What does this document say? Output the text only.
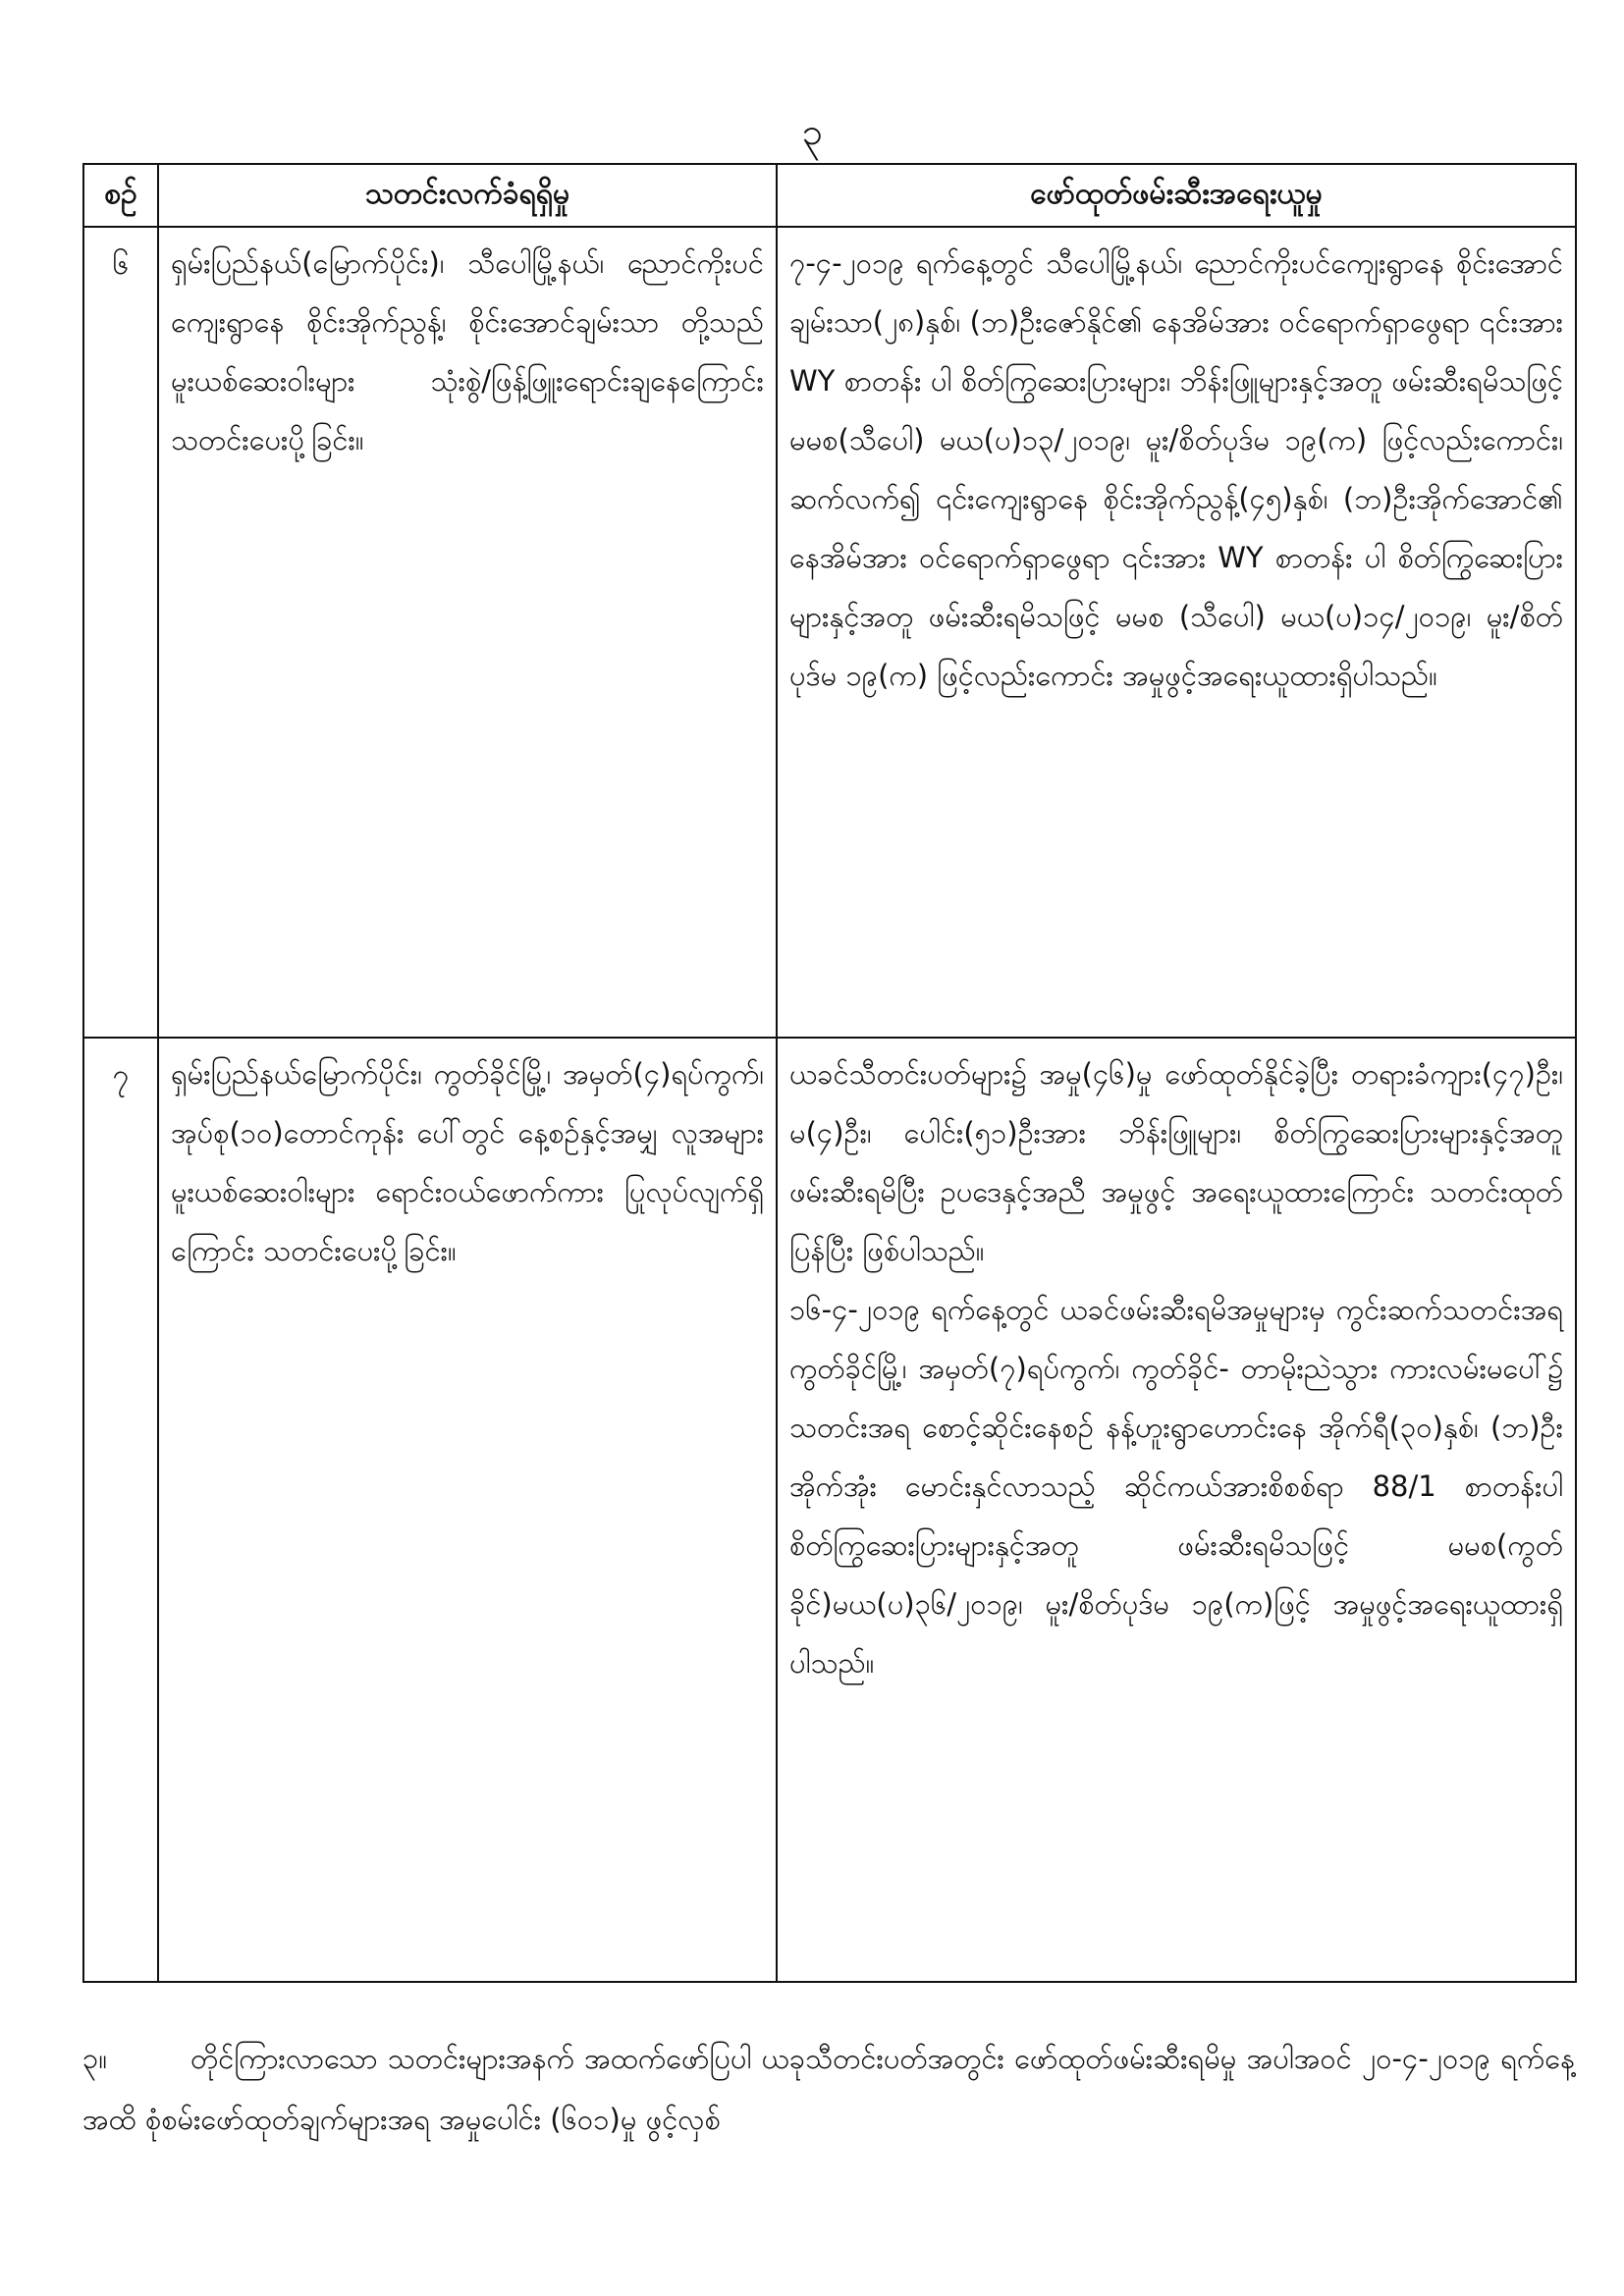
၃
စဉ်	သတင်းလက်ခံရရှိမှု	ဖော်ထုတ်ဖမ်းဆီးအရေးယူမှု
၆	ရှမ်းပြည်နယ်(မြောက်ပိုင်း)၊ သီပေါမြို့နယ်၊ ညောင်ကိုးပင်ကျေးရွာနေ စိုင်းအိုက်ညွန့်၊ စိုင်းအောင်ချမ်းသာ တို့သည် မူးယစ်ဆေးဝါးများ သုံးစွဲ/ဖြန့်ဖြူးရောင်းချနေကြောင်း သတင်းပေးပို့ခြင်း။	၇-၄-၂၀၁၉ ရက်နေ့တွင် သီပေါမြို့နယ်၊ ညောင်ကိုးပင်ကျေးရွာနေ စိုင်းအောင်ချမ်းသာ(၂၈)နှစ်၊ (ဘ)ဦးဇော်နိုင်၏ နေအိမ်အား ဝင်ရောက်ရှာဖွေရာ ၎င်းအား WY စာတန်း ပါ စိတ်ကြွဆေးပြားများ၊ ဘိန်းဖြူများနှင့်အတူ ဖမ်းဆီးရမိသဖြင့် မမစ(သီပေါ) မယ(ပ)၁၃/၂၀၁၉၊ မူး/စိတ်ပုဒ်မ ၁၉(က) ဖြင့်လည်းကောင်း၊ ဆက်လက်၍ ၎င်းကျေးရွာနေ စိုင်းအိုက်ညွန့်(၄၅)နှစ်၊ (ဘ)ဦးအိုက်အောင်၏ နေအိမ်အား ဝင်ရောက်ရှာဖွေရာ ၎င်းအား WY စာတန်း ပါ စိတ်ကြွဆေးပြားများနှင့်အတူ ဖမ်းဆီးရမိသဖြင့် မမစ (သီပေါ) မယ(ပ)၁၄/၂၀၁၉၊ မူး/စိတ်ပုဒ်မ ၁၉(က) ဖြင့်လည်းကောင်း အမှုဖွင့်အရေးယူထားရှိပါသည်။

၇	ရှမ်းပြည်နယ်မြောက်ပိုင်း၊ ကွတ်ခိုင်မြို့၊ အမှတ်(၄)ရပ်ကွက်၊ အုပ်စု(၁၀)တောင်ကုန်း ပေါ်တွင် နေ့စဉ်နှင့်အမျှ လူအများ မူးယစ်ဆေးဝါးများ ရောင်းဝယ်ဖောက်ကား ပြုလုပ်လျက်ရှိကြောင်း သတင်းပေးပို့ခြင်း။	ယခင်သီတင်းပတ်များ၌ အမှု(၄၆)မှု ဖော်ထုတ်နိုင်ခဲ့ပြီး တရားခံကျား(၄၇)ဦး၊ မ(၄)ဦး၊ ပေါင်း(၅၁)ဦးအား ဘိန်းဖြူများ၊ စိတ်ကြွဆေးပြားများနှင့်အတူ ဖမ်းဆီးရမိပြီး ဥပဒေနှင့်အညီ အမှုဖွင့် အရေးယူထားကြောင်း သတင်းထုတ်ပြန်ပြီး ဖြစ်ပါသည်။

၁၆-၄-၂၀၁၉ ရက်နေ့တွင် ယခင်ဖမ်းဆီးရမိအမှုများမှ ကွင်းဆက်သတင်းအရ ကွတ်ခိုင်မြို့၊ အမှတ်(၇)ရပ်ကွက်၊ ကွတ်ခိုင်- တာမိုးညဲသွား ကားလမ်းမပေါ်၌ သတင်းအရ စောင့်ဆိုင်းနေစဉ် နန့်ဟူးရွာဟောင်းနေ အိုက်ရီ(၃၀)နှစ်၊ (ဘ)ဦးအိုက်အုံး မောင်းနှင်လာသည့် ဆိုင်ကယ်အားစိစစ်ရာ 88/1 စာတန်းပါစိတ်ကြွဆေးပြားများနှင့်အတူ ဖမ်းဆီးရမိသဖြင့် မမစ(ကွတ်ခိုင်)မယ(ပ)၃၆/၂၀၁၉၊ မူး/စိတ်ပုဒ်မ ၁၉(က)ဖြင့် အမှုဖွင့်အရေးယူထားရှိ ပါသည်။

၃။	တိုင်ကြားလာသော သတင်းများအနက် အထက်ဖော်ပြပါ ယခုသီတင်းပတ်အတွင်း ဖော်ထုတ်ဖမ်းဆီးရမိမှု အပါအဝင် ၂၀-၄-၂၀၁၉ ရက်နေ့အထိ စုံစမ်းဖော်ထုတ်ချက်များအရ အမှုပေါင်း (၆၀၁)မှု ဖွင့်လှစ်
